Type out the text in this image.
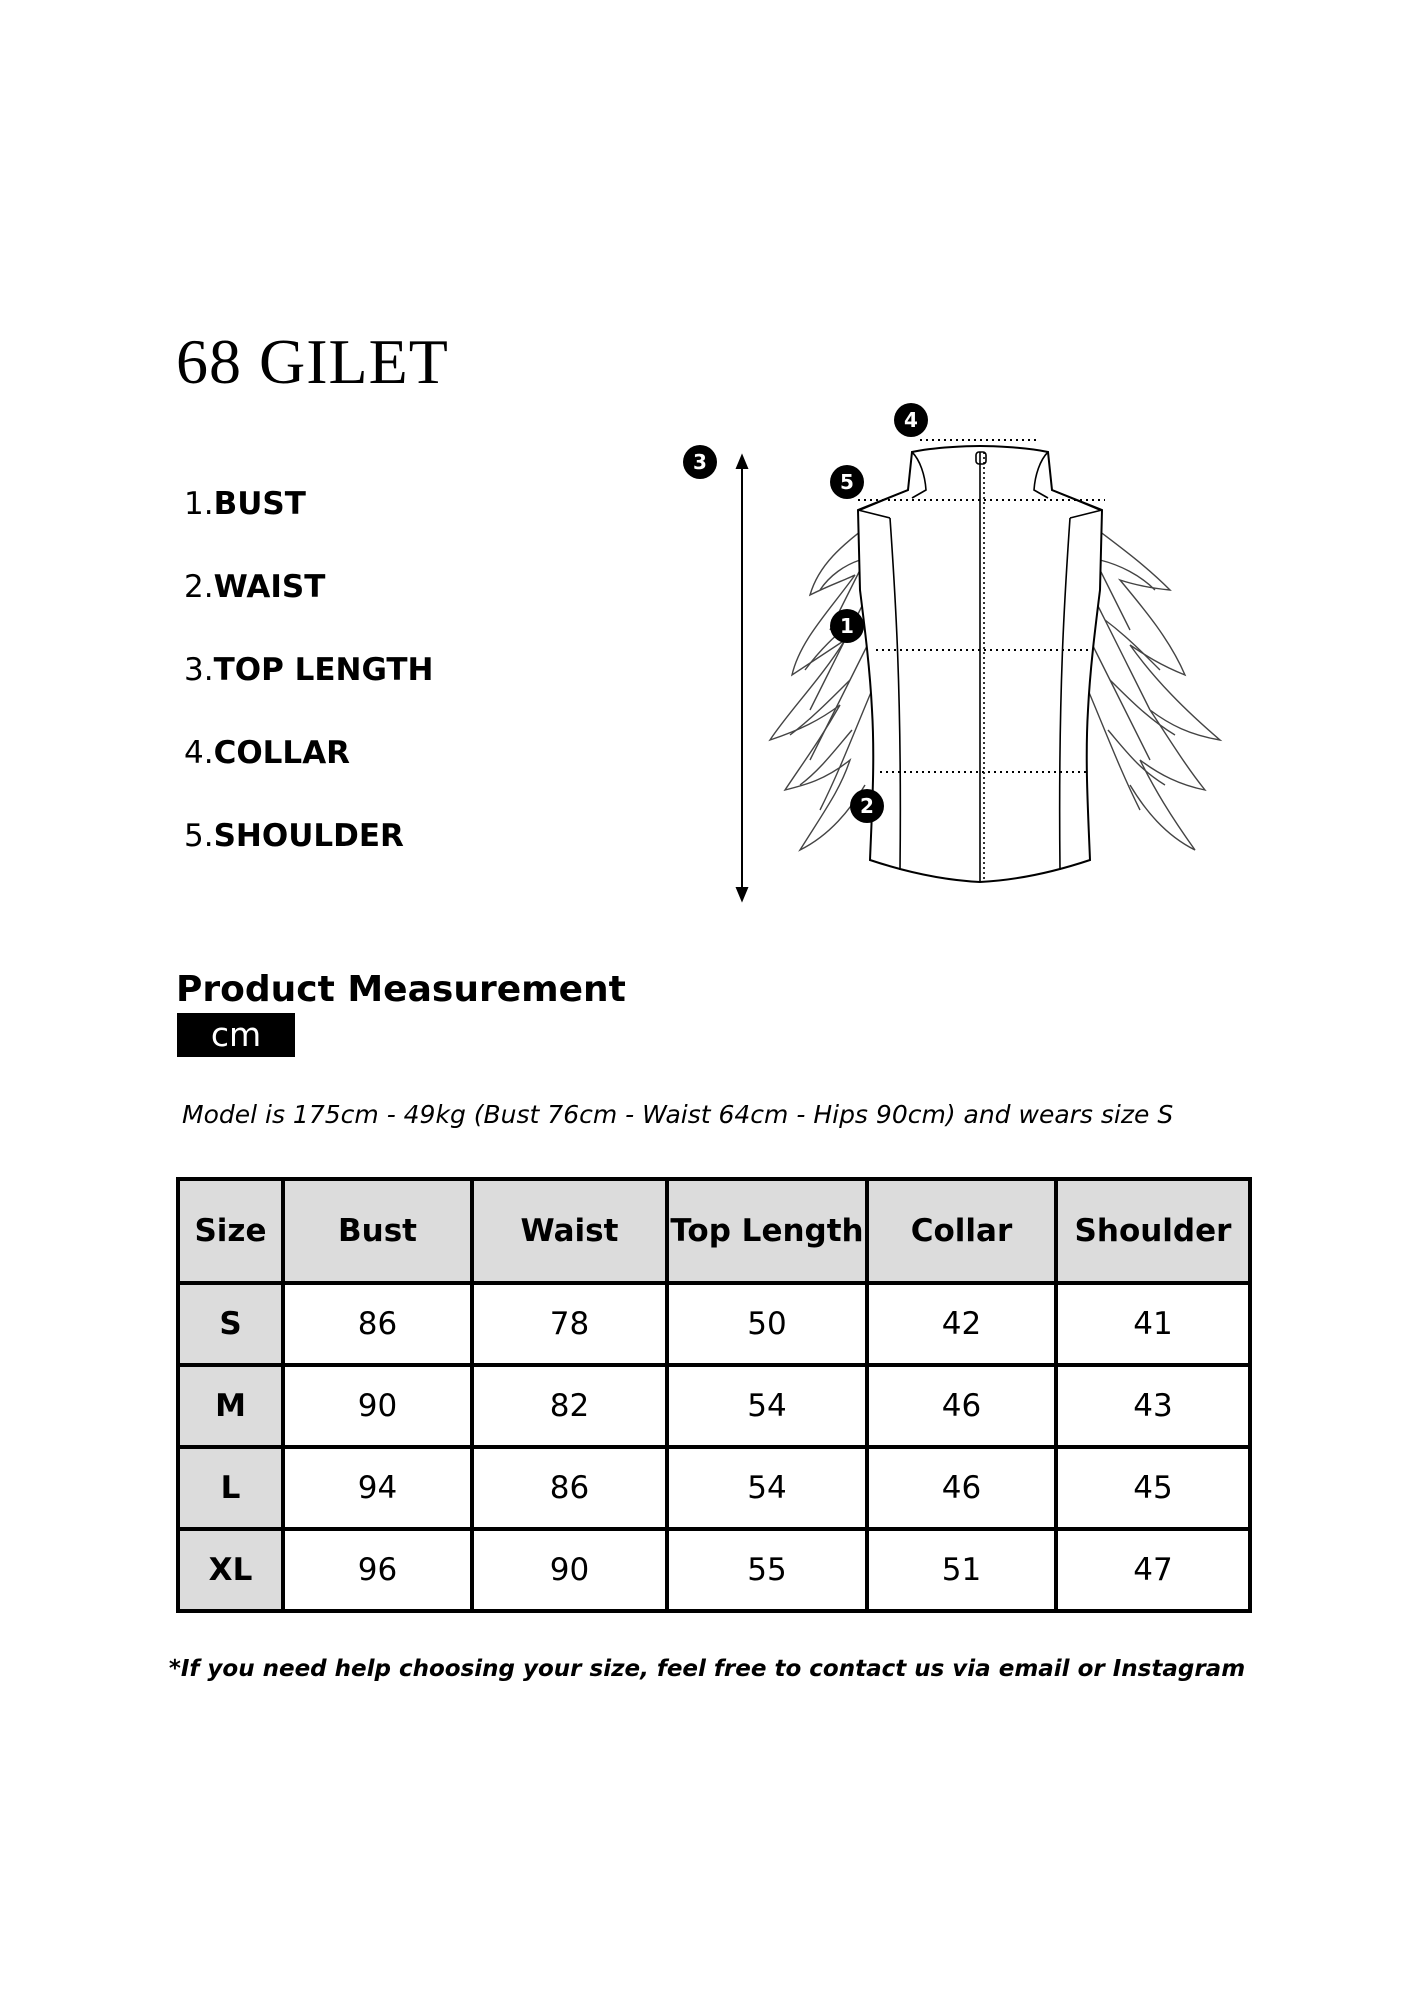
68 GILET
1.BUST
2.WAIST
3.TOP LENGTH
4.COLLAR
5.SHOULDER
3
4
5
1
2
Product Measurement
cm

Model is 175cm - 49kg (Bust 76cm - Waist 64cm - Hips 90cm) and wears size S

Size	Bust	Waist	Top Length	Collar	Shoulder
S	86	78	50	42	41
M	90	82	54	46	43
L	94	86	54	46	45
XL	96	90	55	51	47

*If you need help choosing your size, feel free to contact us via email or Instagram
